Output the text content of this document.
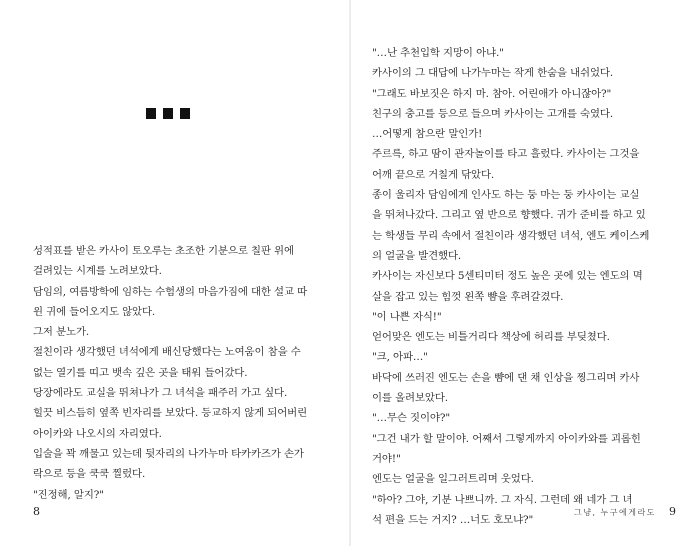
성적표를 받은 카사이 토오루는 초조한 기분으로 칠판 위에
걸려있는 시계를 노려보았다.
담임의, 여름방학에 임하는 수험생의 마음가짐에 대한 설교 따
윈 귀에 들어오지도 않았다.
그저 분노가.
절친이라 생각했던 녀석에게 배신당했다는 노여움이 참을 수
없는 열기를 띠고 뱃속 깊은 곳을 태워 들어갔다.
당장에라도 교실을 뛰쳐나가 그 녀석을 패주러 가고 싶다.
힐끗 비스듬히 옆쪽 빈자리를 보았다. 등교하지 않게 되어버린
아이카와 나오시의 자리였다.
입술을 꽉 깨물고 있는데 뒷자리의 나가누마 타카카즈가 손가
락으로 등을 쿡쿡 찔렀다.
"진정해, 알지?"
8
"…난 추천입학 지망이 아냐."
카사이의 그 대답에 나가누마는 작게 한숨을 내쉬었다.
"그래도 바보짓은 하지 마. 참아. 어린애가 아니잖아?"
친구의 충고를 등으로 들으며 카사이는 고개를 숙였다.
…어떻게 참으란 말인가!
주르륵, 하고 땀이 관자놀이를 타고 흘렀다. 카사이는 그것을
어깨 끝으로 거칠게 닦았다.
종이 울리자 담임에게 인사도 하는 둥 마는 둥 카사이는 교실
을 뛰쳐나갔다. 그리고 옆 반으로 향했다. 귀가 준비를 하고 있
는 학생들 무리 속에서 절친이라 생각했던 녀석, 엔도 케이스케
의 얼굴을 발견했다.
카사이는 자신보다 5센티미터 정도 높은 곳에 있는 엔도의 멱
살을 잡고 있는 힘껏 왼쪽 뺨을 후려갈겼다.
"이 나쁜 자식!"
얻어맞은 엔도는 비틀거리다 책상에 허리를 부딪쳤다.
"크, 아파…"
바닥에 쓰러진 엔도는 손을 뺨에 댄 채 인상을 찡그리며 카사
이를 올려보았다.
"…무슨 짓이야?"
"그건 내가 할 말이야. 어째서 그렇게까지 아이카와를 괴롭힌
거야!"
엔도는 얼굴을 일그러트리며 웃었다.
"하아? 그야, 기분 나쁘니까. 그 자식. 그런데 왜 네가 그 녀
석 편을 드는 거지? …너도 호모냐?"
그냥, 누구에게라도 9
